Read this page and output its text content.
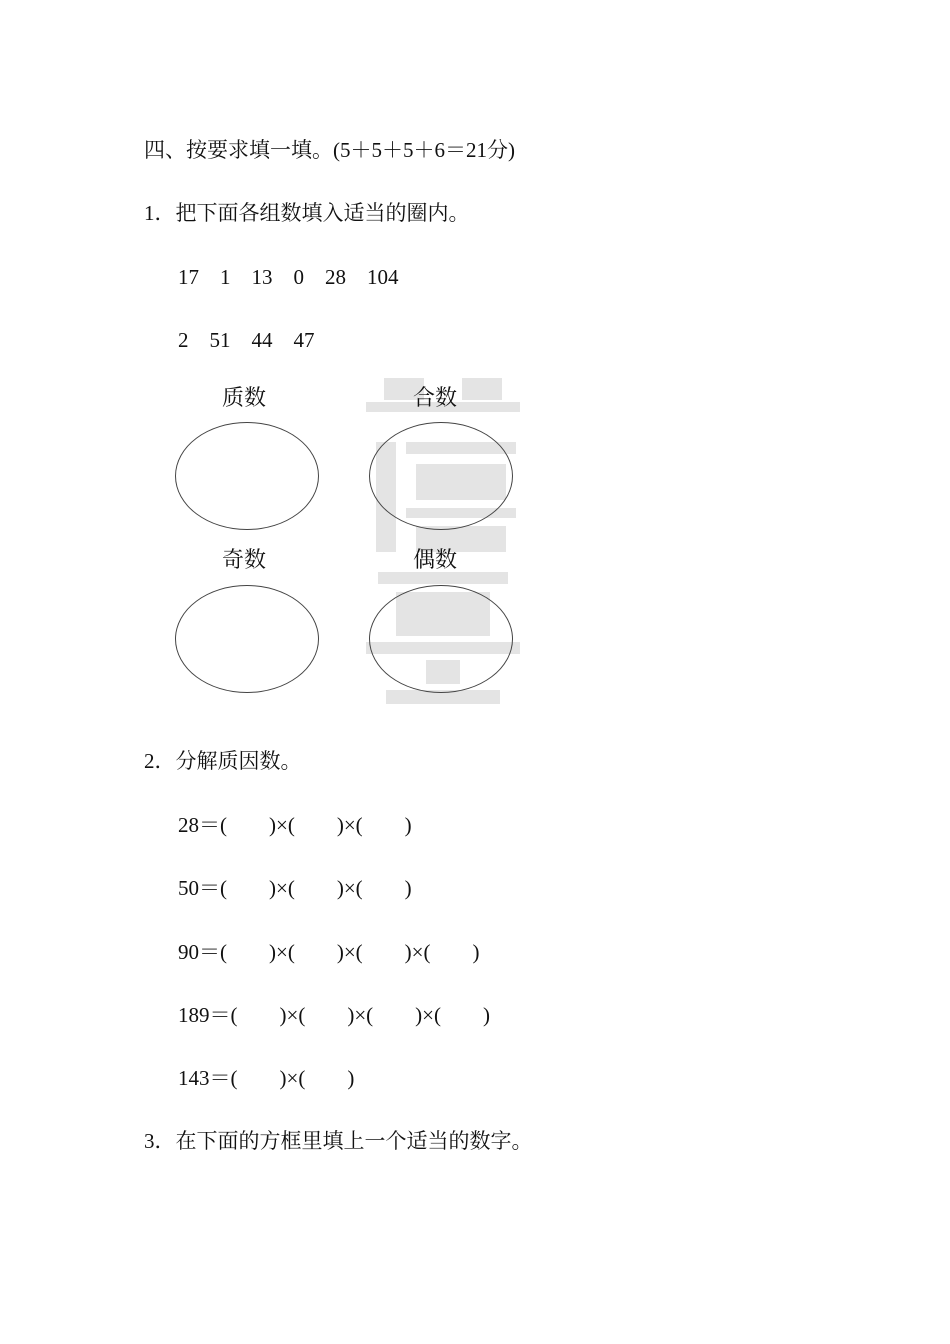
四、按要求填一填。(5＋5＋5＋6＝21分)
1．把下面各组数填入适当的圈内。
17　1　13　0　28　104
2　51　44　47
质数	合数
奇数	偶数
2．分解质因数。
28＝(　　)×(　　)×(　　)
50＝(　　)×(　　)×(　　)
90＝(　　)×(　　)×(　　)×(　　)
189＝(　　)×(　　)×(　　)×(　　)
143＝(　　)×(　　)
3．在下面的方框里填上一个适当的数字。
